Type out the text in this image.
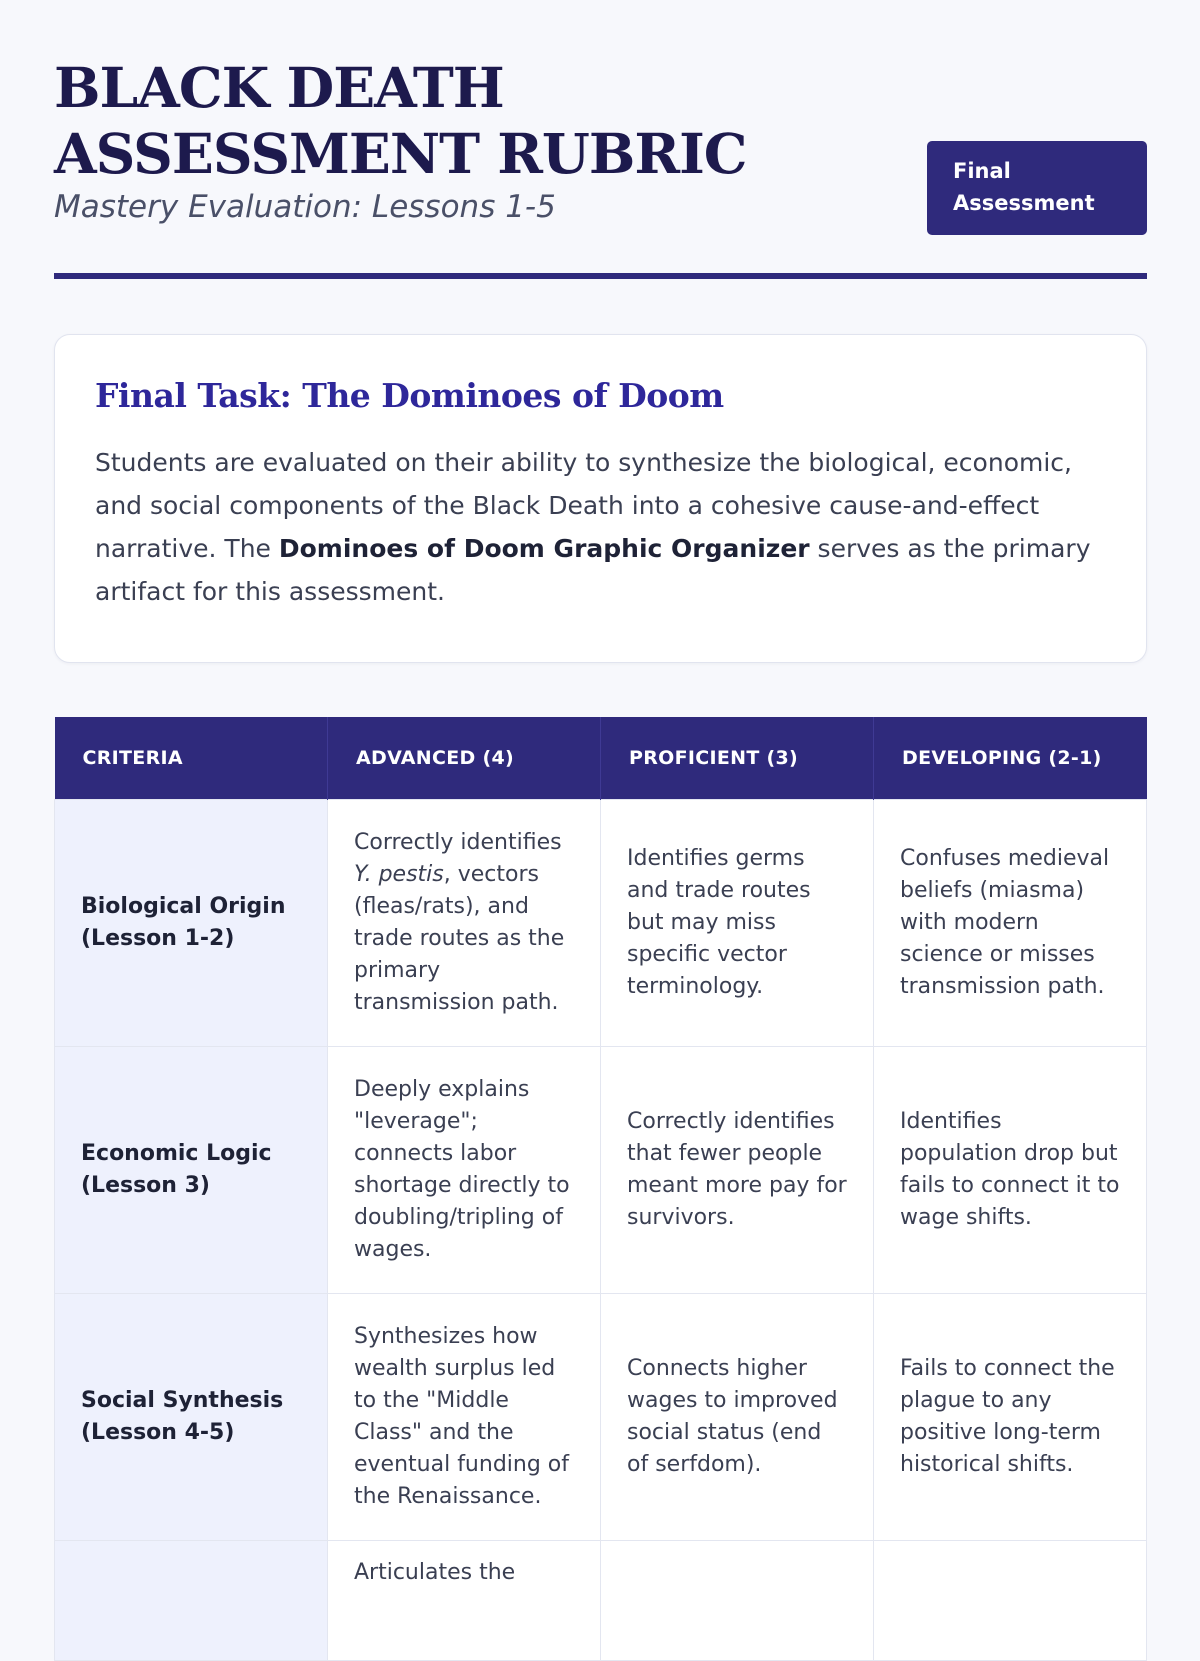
BLACK DEATH ASSESSMENT RUBRIC

Mastery Evaluation: Lessons 1-5

Final Assessment
Final Task: The Dominoes of Doom

Students are evaluated on their ability to synthesize the biological, economic, and social components of the Black Death into a cohesive cause-and-effect narrative. The Dominoes of Doom Graphic Organizer serves as the primary artifact for this assessment.

CRITERIA	ADVANCED (4)	PROFICIENT (3)	DEVELOPING (2-1)
Biological Origin
(Lesson 1-2)	Correctly identifies Y. pestis, vectors (fleas/rats), and trade routes as the primary transmission path.	Identifies germs and trade routes but may miss specific vector terminology.	Confuses medieval beliefs (miasma) with modern science or misses transmission path.
Economic Logic
(Lesson 3)	Deeply explains "leverage"; connects labor shortage directly to doubling/tripling of wages.	Correctly identifies that fewer people meant more pay for survivors.	Identifies population drop but fails to connect it to wage shifts.
Social Synthesis
(Lesson 4-5)	Synthesizes how wealth surplus led to the "Middle Class" and the eventual funding of the Renaissance.	Connects higher wages to improved social status (end of serfdom).	Fails to connect the plague to any positive long-term historical shifts.
	Articulates the		
